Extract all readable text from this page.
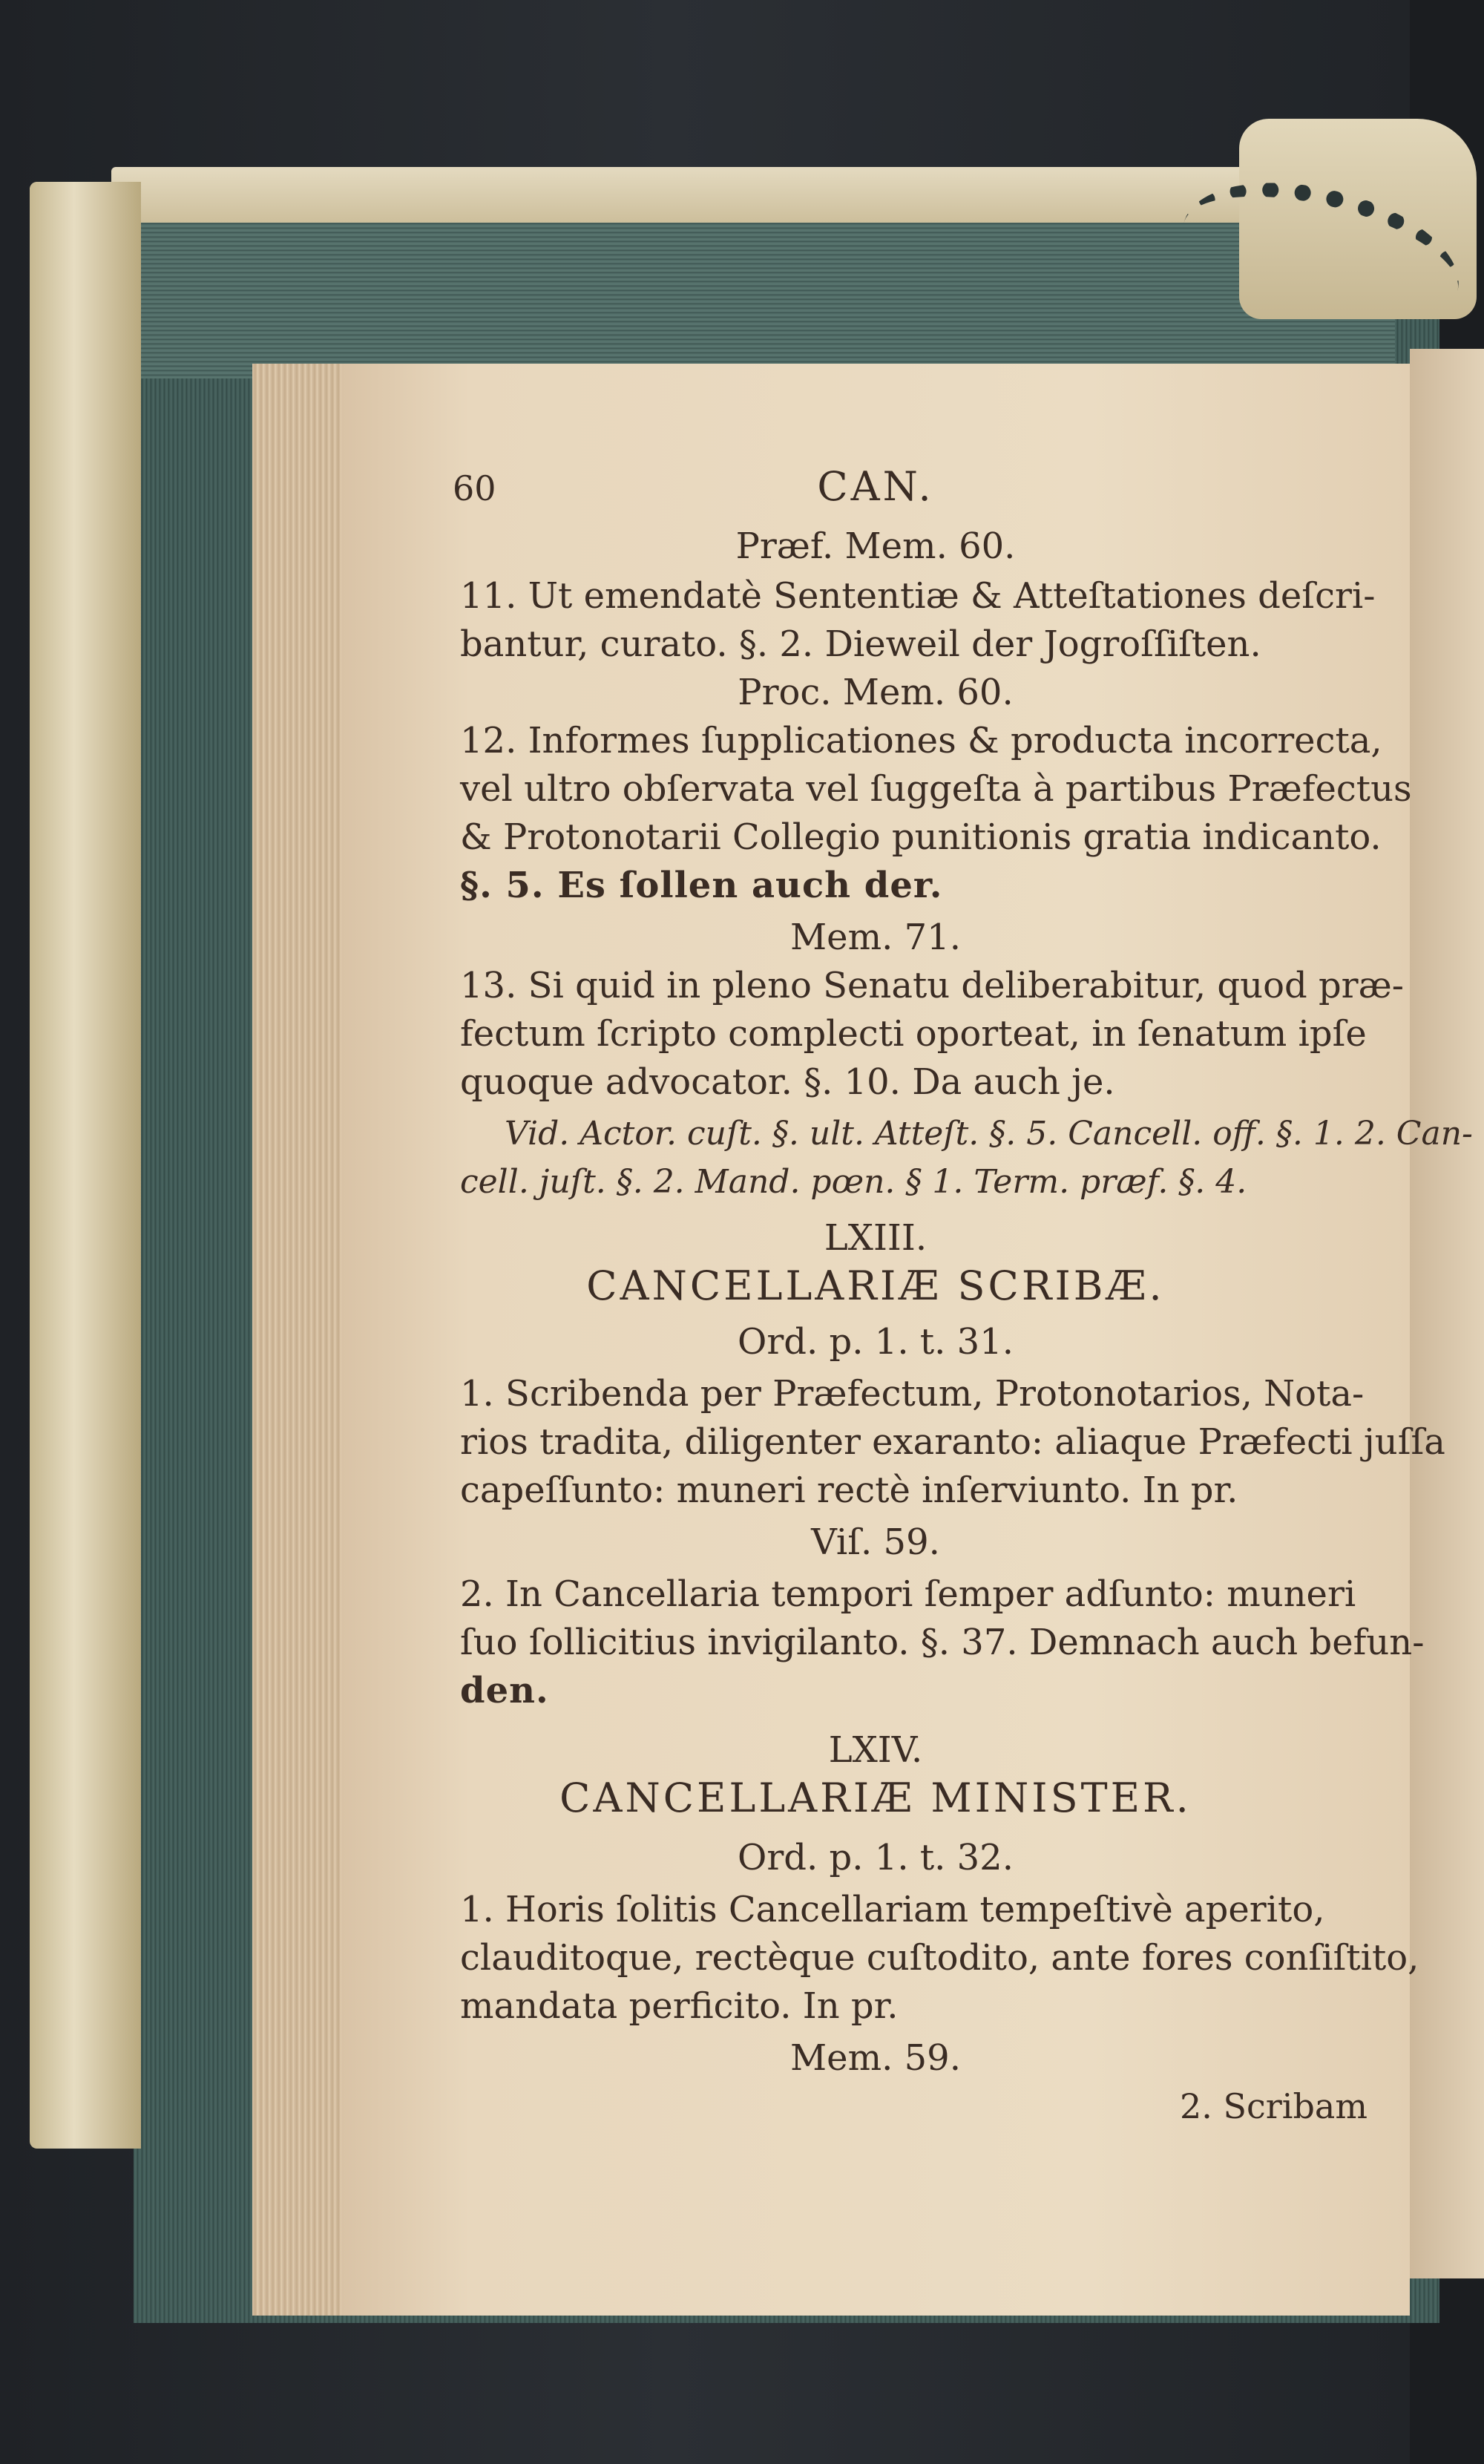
60	CAN.
Præf. Mem. 60.
11. Ut emendatè Sententiæ & Atteſtationes deſcri-
bantur, curato. §. 2. Dieweil der Jogroſſiſten.
Proc. Mem. 60.
12. Informes ſupplicationes & producta incorrecta,
vel ultro obſervata vel ſuggeſta à partibus Præfectus
& Protonotarii Collegio punitionis gratia indicanto.
§. 5. Es ſollen auch der.
Mem. 71.
13. Si quid in pleno Senatu deliberabitur, quod præ-
fectum ſcripto complecti oporteat, in ſenatum ipſe
quoque advocator. §. 10. Da auch je.
Vid. Actor. cuſt. §. ult. Atteſt. §. 5. Cancell. off. §. 1. 2. Can-
cell. juſt. §. 2. Mand. pœn. § 1. Term. præf. §. 4.
LXIII.
CANCELLARIÆ SCRIBÆ.
Ord. p. 1. t. 31.
1. Scribenda per Præfectum, Protonotarios, Nota-
rios tradita, diligenter exaranto: aliaque Præfecti juſſa
capeſſunto: muneri rectè inſerviunto. In pr.
Viſ. 59.
2. In Cancellaria tempori ſemper adſunto: muneri
ſuo ſollicitius invigilanto. §. 37. Demnach auch befun-
den.
LXIV.
CANCELLARIÆ MINISTER.
Ord. p. 1. t. 32.
1. Horis ſolitis Cancellariam tempeſtivè aperito,
clauditoque, rectèque cuſtodito, ante fores conſiſtito,
mandata perficito. In pr.
Mem. 59.
2. Scribam
